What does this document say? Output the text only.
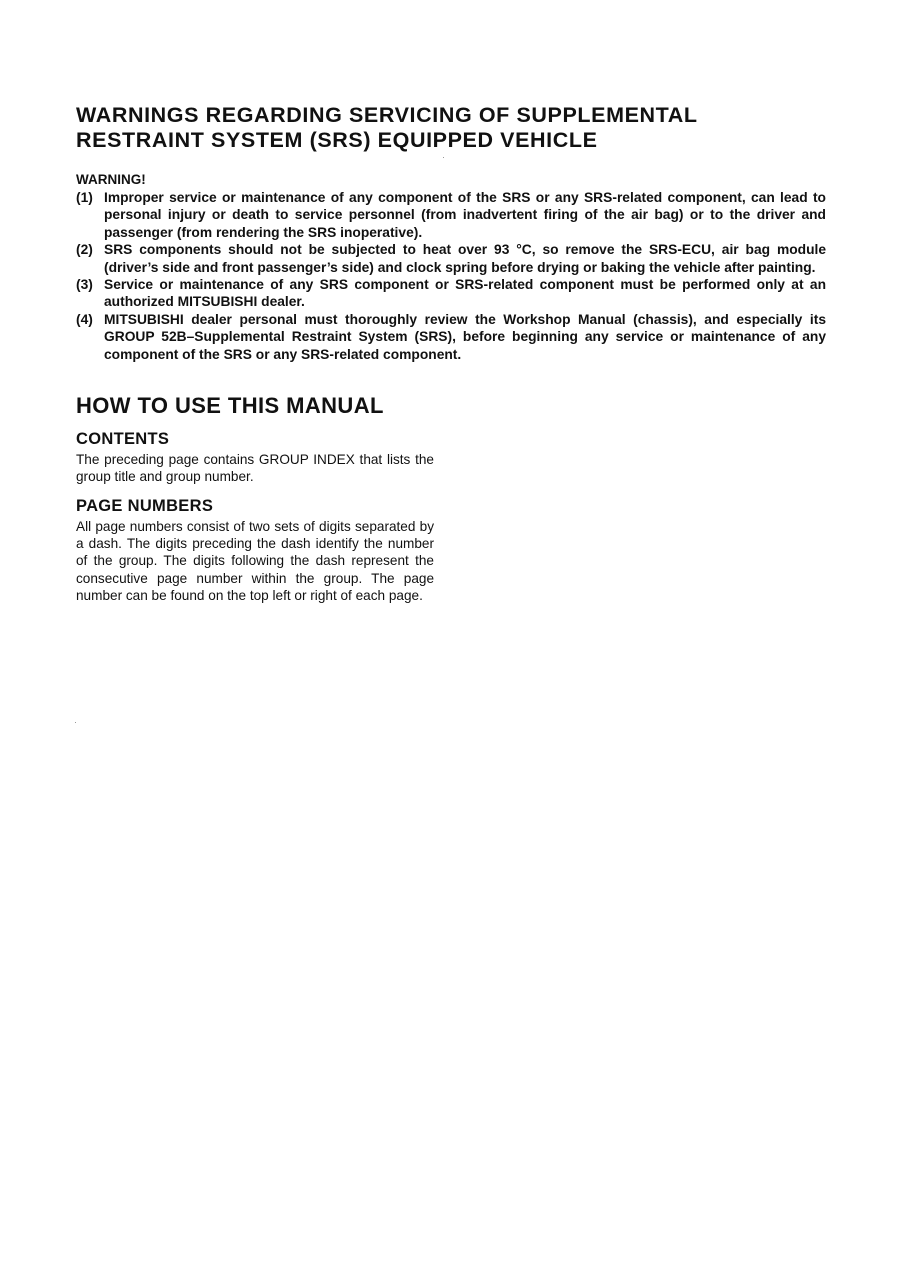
WARNINGS REGARDING SERVICING OF SUPPLEMENTAL
RESTRAINT SYSTEM (SRS) EQUIPPED VEHICLE
WARNING!
(1) Improper service or maintenance of any component of the SRS or any SRS-related component, can lead to personal injury or death to service personnel (from inadvertent firing of the air bag) or to the driver and passenger (from rendering the SRS inoperative).
(2) SRS components should not be subjected to heat over 93 °C, so remove the SRS-ECU, air bag module (driver’s side and front passenger’s side) and clock spring before drying or baking the vehicle after painting.
(3) Service or maintenance of any SRS component or SRS-related component must be performed only at an authorized MITSUBISHI dealer.
(4) MITSUBISHI dealer personal must thoroughly review the Workshop Manual (chassis), and especially its GROUP 52B–Supplemental Restraint System (SRS), before beginning any service or maintenance of any component of the SRS or any SRS-related component.
HOW TO USE THIS MANUAL
CONTENTS

The preceding page contains GROUP INDEX that lists the group title and group number.

PAGE NUMBERS

All page numbers consist of two sets of digits separated by a dash. The digits preceding the dash identify the number of the group. The digits following the dash represent the consecutive page number within the group. The page number can be found on the top left or right of each page.
